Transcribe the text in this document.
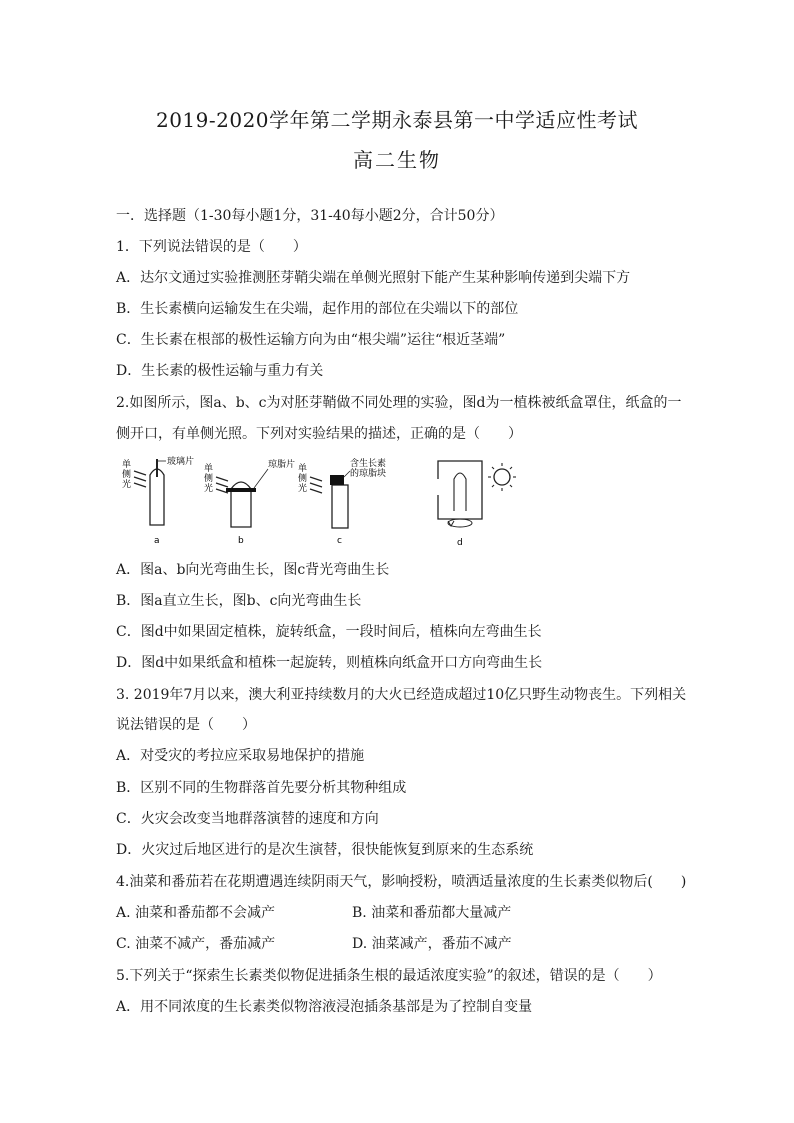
2019-2020学年第二学期永泰县第一中学适应性考试
高二生物
一．选择题（1-30每小题1分，31-40每小题2分，合计50分）
1．下列说法错误的是（　　）
A．达尔文通过实验推测胚芽鞘尖端在单侧光照射下能产生某种影响传递到尖端下方
B．生长素横向运输发生在尖端，起作用的部位在尖端以下的部位
C．生长素在根部的极性运输方向为由“根尖端”运往“根近茎端”
D．生长素的极性运输与重力有关
2.如图所示，图a、b、c为对胚芽鞘做不同处理的实验，图d为一植株被纸盒罩住，纸盒的一
侧开口，有单侧光照。下列对实验结果的描述，正确的是（　　）
单
侧
光
玻璃片
a
单
侧
光
琼脂片
b
单
侧
光
含生长素
的琼脂块
c	d
A．图a、b向光弯曲生长，图c背光弯曲生长
B．图a直立生长，图b、c向光弯曲生长
C．图d中如果固定植株，旋转纸盒，一段时间后，植株向左弯曲生长
D．图d中如果纸盒和植株一起旋转，则植株向纸盒开口方向弯曲生长
3. 2019年7月以来，澳大利亚持续数月的大火已经造成超过10亿只野生动物丧生。下列相关
说法错误的是（　　）
A．对受灾的考拉应采取易地保护的措施
B．区别不同的生物群落首先要分析其物种组成
C．火灾会改变当地群落演替的速度和方向
D．火灾过后地区进行的是次生演替，很快能恢复到原来的生态系统
4.油菜和番茄若在花期遭遇连续阴雨天气，影响授粉，喷洒适量浓度的生长素类似物后(　　)
A. 油菜和番茄都不会减产	B. 油菜和番茄都大量减产
C. 油菜不减产，番茄减产	D. 油菜减产，番茄不减产
5.下列关于“探索生长素类似物促进插条生根的最适浓度实验”的叙述，错误的是（　　）
A．用不同浓度的生长素类似物溶液浸泡插条基部是为了控制自变量
